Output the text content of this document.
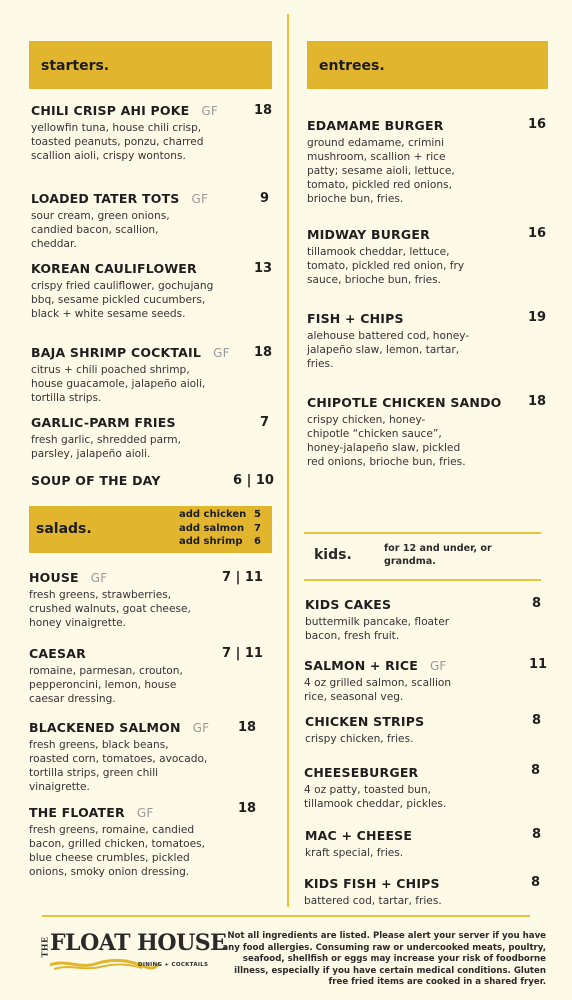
starters.
CHILI CRISP AHI POKE GF
yellowfin tuna, house chili crisp, toasted peanuts, ponzu, charred scallion aioli, crispy wontons.
18
LOADED TATER TOTS GF
sour cream, green onions, candied bacon, scallion, cheddar.
9
KOREAN CAULIFLOWER
crispy fried cauliflower, gochujang bbq, sesame pickled cucumbers, black + white sesame seeds.
13
BAJA SHRIMP COCKTAIL GF
citrus + chili poached shrimp, house guacamole, jalapeño aioli, tortilla strips.
18
GARLIC-PARM FRIES
fresh garlic, shredded parm, parsley, jalapeño aioli.
7
SOUP OF THE DAY	6 | 10
salads.
add chicken 5
add salmon 7
add shrimp 6
HOUSE GF
fresh greens, strawberries, crushed walnuts, goat cheese, honey vinaigrette.
7 | 11
CAESAR
romaine, parmesan, crouton, pepperoncini, lemon, house caesar dressing.
7 | 11
BLACKENED SALMON GF
fresh greens, black beans, roasted corn, tomatoes, avocado, tortilla strips, green chili vinaigrette.
18
THE FLOATER GF
fresh greens, romaine, candied bacon, grilled chicken, tomatoes, blue cheese crumbles, pickled onions, smoky onion dressing.
18
entrees.
EDAMAME BURGER
ground edamame, crimini mushroom, scallion + rice patty; sesame aioli, lettuce, tomato, pickled red onions, brioche bun, fries.
16
MIDWAY BURGER
tillamook cheddar, lettuce, tomato, pickled red onion, fry sauce, brioche bun, fries.
16
FISH + CHIPS
alehouse battered cod, honey-jalapeño slaw, lemon, tartar, fries.
19
CHIPOTLE CHICKEN SANDO
crispy chicken, honey-chipotle “chicken sauce”, honey-jalapeño slaw, pickled red onions, brioche bun, fries.
18
kids.	for 12 and under, or grandma.
KIDS CAKES
buttermilk pancake, floater bacon, fresh fruit.
8
SALMON + RICE GF
4 oz grilled salmon, scallion rice, seasonal veg.
11
CHICKEN STRIPS
crispy chicken, fries.
8
CHEESEBURGER
4 oz patty, toasted bun, tillamook cheddar, pickles.
8
MAC + CHEESE
kraft special, fries.
8
KIDS FISH + CHIPS
battered cod, tartar, fries.
8
THE FLOAT HOUSE
DINING + COCKTAILS
Not all ingredients are listed. Please alert your server if you have any food allergies. Consuming raw or undercooked meats, poultry, seafood, shellfish or eggs may increase your risk of foodborne illness, especially if you have certain medical conditions. Gluten free fried items are cooked in a shared fryer.
